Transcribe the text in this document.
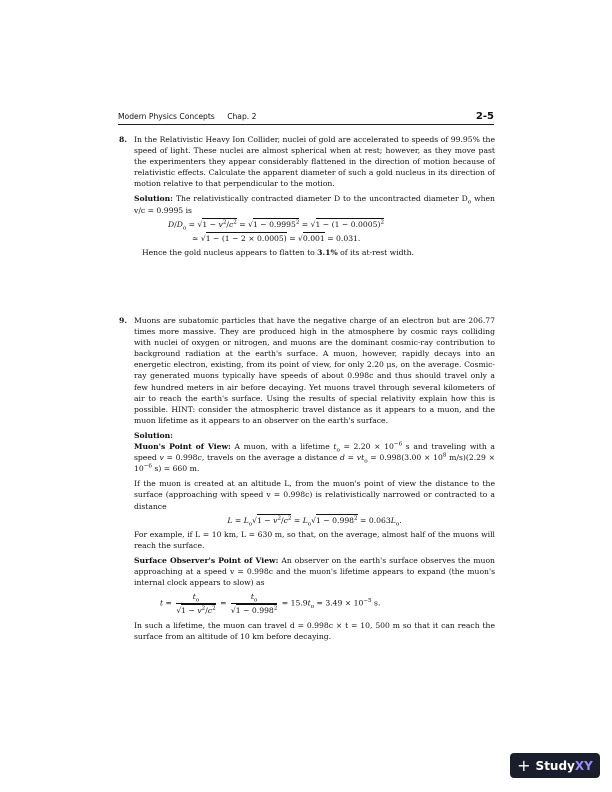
Modern Physics Concepts Chap. 2	2-5
8. In the Relativistic Heavy Ion Collider, nuclei of gold are accelerated to speeds of 99.95% the speed of light. These nuclei are almost spherical when at rest; however, as they move past the experimenters they appear considerably flattened in the direction of motion because of relativistic effects. Calculate the apparent diameter of such a gold nucleus in its direction of motion relative to that perpendicular to the motion.

Solution: The relativistically contracted diameter D to the uncontracted diameter $D_o$ when v/c = 0.9995 is

$D/D_o = √1 - v^2/c^2 = √1 - 0.9995^2 = √1 - (1 - 0.0005)^2$
≃ √1 − (1 − 2 × 0.0005) = √0.001 = 0.031.

Hence the gold nucleus appears to flatten to 3.1% of its at-rest width.

9. Muons are subatomic particles that have the negative charge of an electron but are 206.77 times more massive. They are produced high in the atmosphere by cosmic rays colliding with nuclei of oxygen or nitrogen, and muons are the dominant cosmic-ray contribution to background radiation at the earth's surface. A muon, however, rapidly decays into an energetic electron, existing, from its point of view, for only 2.20 μs, on the average. Cosmic-ray generated muons typically have speeds of about 0.998c and thus should travel only a few hundred meters in air before decaying. Yet muons travel through several kilometers of air to reach the earth's surface. Using the results of special relativity explain how this is possible. HINT: consider the atmospheric travel distance as it appears to a muon, and the muon lifetime as it appears to an observer on the earth's surface.

Solution:

Muon's Point of View: A muon, with a lifetime $t_o = 2.20 \times 10^{-6}$ s and traveling with a speed v = 0.998c, travels on the average a distance $d = vt_o = 0.998(3.00 \times 10^8$ $m/s)(2.29 \times 10^{-6}$ s) = 660 m.

If the muon is created at an altitude L, from the muon's point of view the distance to the surface (approaching with speed v = 0.998c) is relativistically narrowed or contracted to a distance

$L = L_o√1 - v^2/c^2 = L_o√1 - 0.998^2 = 0.063L_o$.

For example, if L = 10 km, L = 630 m, so that, on the average, almost half of the muons will reach the surface.

Surface Observer's Point of View: An observer on the earth's surface observes the muon approaching at a speed v = 0.998c and the muon's lifetime appears to expand (the muon's internal clock appears to slow) as

$t = \frac{t_o}{√1 - v^2/c^2} = \frac{t_o}{√1 - 0.998^2} = 15.9t_o = 3.49 \times 10^{-5}$ s.

In such a lifetime, the muon can travel d = 0.998c × t = 10, 500 m so that it can reach the surface from an altitude of 10 km before decaying.

+ StudyXY
